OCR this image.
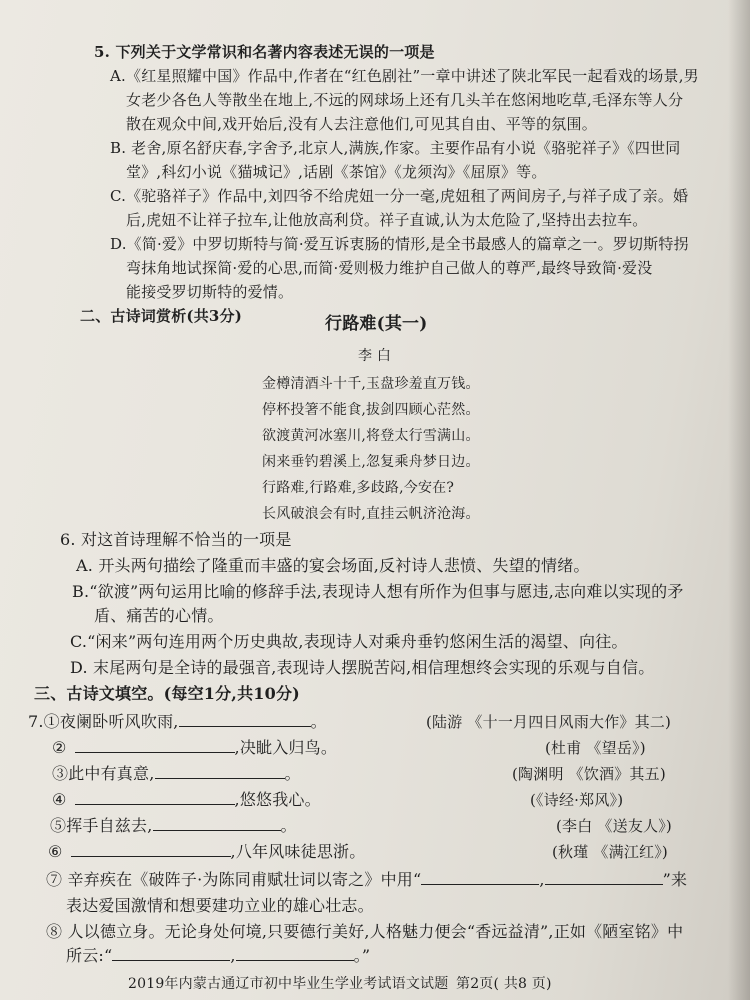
5. 下列关于文学常识和名著内容表述无误的一项是
A.《红星照耀中国》作品中,作者在“红色剧社”一章中讲述了陕北军民一起看戏的场景,男
女老少各色人等散坐在地上,不远的网球场上还有几头羊在悠闲地吃草,毛泽东等人分
散在观众中间,戏开始后,没有人去注意他们,可见其自由、平等的氛围。
B. 老舍,原名舒庆春,字舍予,北京人,满族,作家。主要作品有小说《骆驼祥子》《四世同
堂》,科幻小说《猫城记》,话剧《茶馆》《龙须沟》《屈原》等。
C.《驼骆祥子》作品中,刘四爷不给虎妞一分一毫,虎妞租了两间房子,与祥子成了亲。婚
后,虎妞不让祥子拉车,让他放高利贷。祥子直诚,认为太危险了,坚持出去拉车。
D.《简·爱》中罗切斯特与简·爱互诉衷肠的情形,是全书最感人的篇章之一。罗切斯特拐
弯抹角地试探简·爱的心思,而简·爱则极力维护自己做人的尊严,最终导致简·爱没
能接受罗切斯特的爱情。
二、古诗词赏析(共3分)	行路难(其一)
李 白
金樽清酒斗十千,玉盘珍羞直万钱。
停杯投箸不能食,拔剑四顾心茫然。
欲渡黄河冰塞川,将登太行雪满山。
闲来垂钓碧溪上,忽复乘舟梦日边。
行路难,行路难,多歧路,今安在?
长风破浪会有时,直挂云帆济沧海。
6. 对这首诗理解不恰当的一项是
A. 开头两句描绘了隆重而丰盛的宴会场面,反衬诗人悲愤、失望的情绪。
B.“欲渡”两句运用比喻的修辞手法,表现诗人想有所作为但事与愿违,志向难以实现的矛
盾、痛苦的心情。
C.“闲来”两句连用两个历史典故,表现诗人对乘舟垂钓悠闲生活的渴望、向往。
D. 末尾两句是全诗的最强音,表现诗人摆脱苦闷,相信理想终会实现的乐观与自信。
三、古诗文填空。(每空1分,共10分)
7.①夜阑卧听风吹雨,	。	(陆游 《十一月四日风雨大作》其二)
②	,决眦入归鸟。	(杜甫 《望岳》)
③此中有真意,	。	(陶渊明 《饮酒》其五)
④	,悠悠我心。	(《诗经·郑风》)
⑤挥手自兹去,	。	(李白 《送友人》)
⑥	,八年风味徒思浙。	(秋瑾 《满江红》)
⑦ 辛弃疾在《破阵子·为陈同甫赋壮词以寄之》中用“	,	”来
表达爱国激情和想要建功立业的雄心壮志。
⑧ 人以德立身。无论身处何境,只要德行美好,人格魅力便会“香远益清”,正如《陋室铭》中
所云:“	,	。”
2019年内蒙古通辽市初中毕业生学业考试语文试题 第2页( 共8 页)
